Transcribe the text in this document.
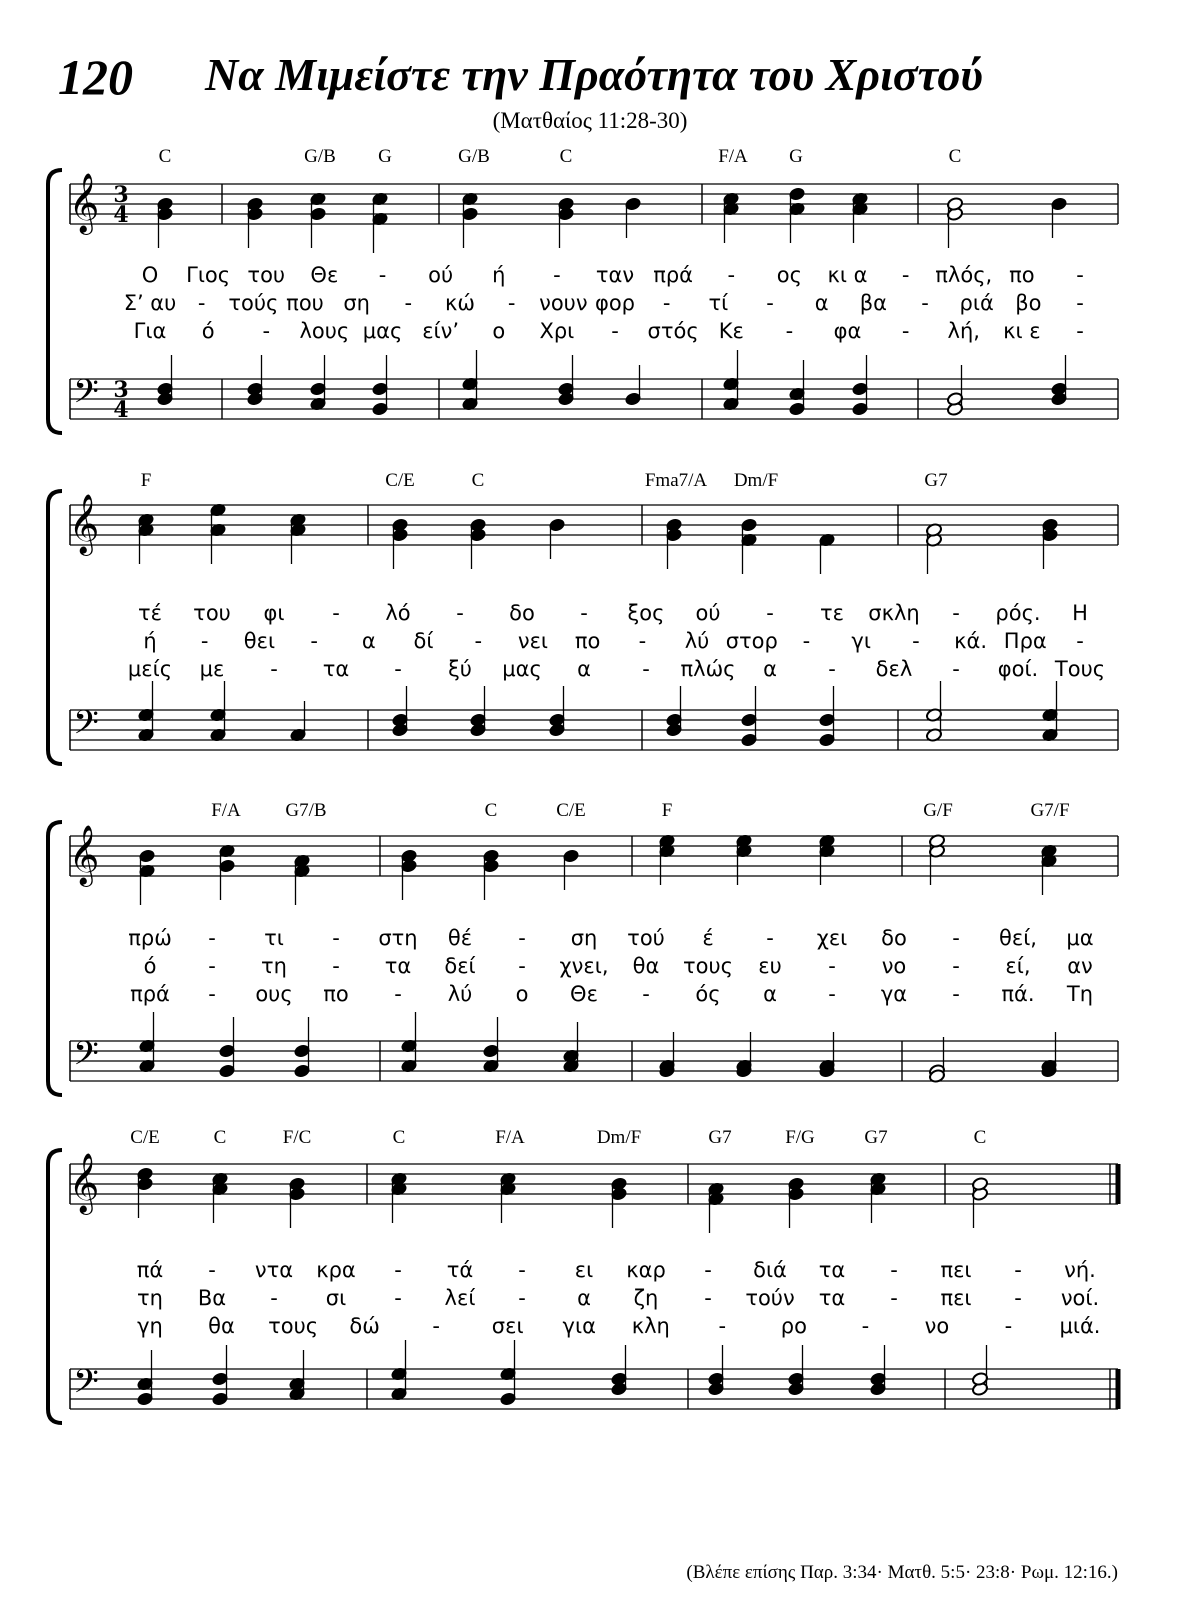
120 Να Μιμείστε την Πραότητα του Χριστού
(Ματθαίος 11:28-30)
𝄞 3
4
𝄢 3
4
C	G/B G	G/B	C	F/A G	C
Ο Γιος του Θε - ού ή - ταν πρά - ος κι α - πλός, πο -
Σ’ αυ - τούς που ση - κώ - νουν φορ - τί - α βα - ριά βο -
Για ό - λους μας είν’ ο Χρι - στός Κε - φα - λή, κι ε -
𝄞
𝄢
F	C/E	C	Fma7/A Dm/F	G7
τέ του φι - λό - δο - ξος ού - τε σκλη - ρός. Η
ή - θει - α δί - νει πο - λύ στορ - γι - κά. Πρα -
μείς με - τα - ξύ μας α - πλώς α - δελ - φοί. Τους
𝄞
𝄢
F/A G7/B	C	C/E	F	G/F	G7/F
πρώ - τι - στη θέ - ση τού έ	- χει δο - θεί, μα
ό - τη - τα δεί - χνει, θα τους ευ - νο - εί, αν
πρά - ους πο - λύ ο Θε - ός α - γα - πά. Τη
𝄞
𝄢
C/E	C	F/C	C	F/A	Dm/F	G7	F/G	G7	C
πά - ντα κρα - τά - ει καρ - διά τα - πει - νή.
τη Βα - σι - λεί - α ζη - τούν τα - πει - νοί.
γη θα τους δώ	- σει για κλη -	ρο	-	νο	- μιά.
(Βλέπε επίσης Παρ. 3:34· Ματθ. 5:5· 23:8· Ρωμ. 12:16.)
